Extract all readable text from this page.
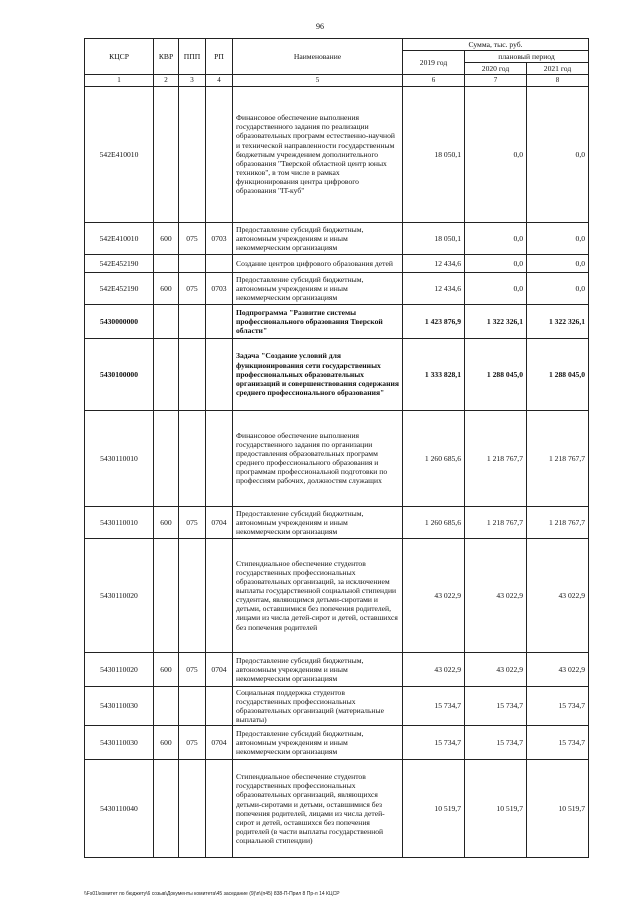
96
КЦСР	КВР	ППП	РП	Наименование	Сумма, тыс. руб.		
					2019 год	плановый период	
						2020 год	2021 год
1	2	3	4	5	6	7	8
542E410010				Финансовое обеспечение выполнения государственного задания по реализации образовательных программ естественно-научной и технической направленности государственным бюджетным учреждением дополнительного образования "Тверской областной центр юных техников", в том числе в рамках функционирования центра цифрового образования "IT-куб"	18 050,1	0,0	0,0
542E410010	600	075	0703	Предоставление субсидий бюджетным, автономным учреждениям и иным некоммерческим организациям	18 050,1	0,0	0,0
542E452190				Создание центров цифрового образования детей	12 434,6	0,0	0,0
542E452190	600	075	0703	Предоставление субсидий бюджетным, автономным учреждениям и иным некоммерческим организациям	12 434,6	0,0	0,0
5430000000				Подпрограмма "Развитие системы профессионального образования Тверской области"	1 423 876,9	1 322 326,1	1 322 326,1
5430100000				Задача "Создание условий для функционирования сети государственных профессиональных образовательных организаций и совершенствования содержания среднего профессионального образования"	1 333 828,1	1 288 045,0	1 288 045,0
5430110010				Финансовое обеспечение выполнения государственного задания по организации предоставления образовательных программ среднего профессионального образования и программам профессиональной подготовки по профессиям рабочих, должностям служащих	1 260 685,6	1 218 767,7	1 218 767,7
5430110010	600	075	0704	Предоставление субсидий бюджетным, автономным учреждениям и иным некоммерческим организациям	1 260 685,6	1 218 767,7	1 218 767,7
5430110020				Стипендиальное обеспечение студентов государственных профессиональных образовательных организаций, за исключением выплаты государственной социальной стипендии студентам, являющимся детьми-сиротами и детьми, оставшимися без попечения родителей, лицами из числа детей-сирот и детей, оставшихся без попечения родителей	43 022,9	43 022,9	43 022,9
5430110020	600	075	0704	Предоставление субсидий бюджетным, автономным учреждениям и иным некоммерческим организациям	43 022,9	43 022,9	43 022,9
5430110030				Социальная поддержка студентов государственных профессиональных образовательных организаций (материальные выплаты)	15 734,7	15 734,7	15 734,7
5430110030	600	075	0704	Предоставление субсидий бюджетным, автономным учреждениям и иным некоммерческим организациям	15 734,7	15 734,7	15 734,7
5430110040				Стипендиальное обеспечение студентов государственных профессиональных образовательных организаций, являющихся детьми-сиротами и детьми, оставшимися без попечения родителей, лицами из числа детей-сирот и детей, оставшихся без попечения родителей (в части выплаты государственной социальной стипендии)	10 519,7	10 519,7	10 519,7
\\Fs01\комитет по бюджету\6 созыв\Документы комитета\45 заседание (9)\п\(п45) 838-П-Прил 8 Пр-л 14 КЦСР
